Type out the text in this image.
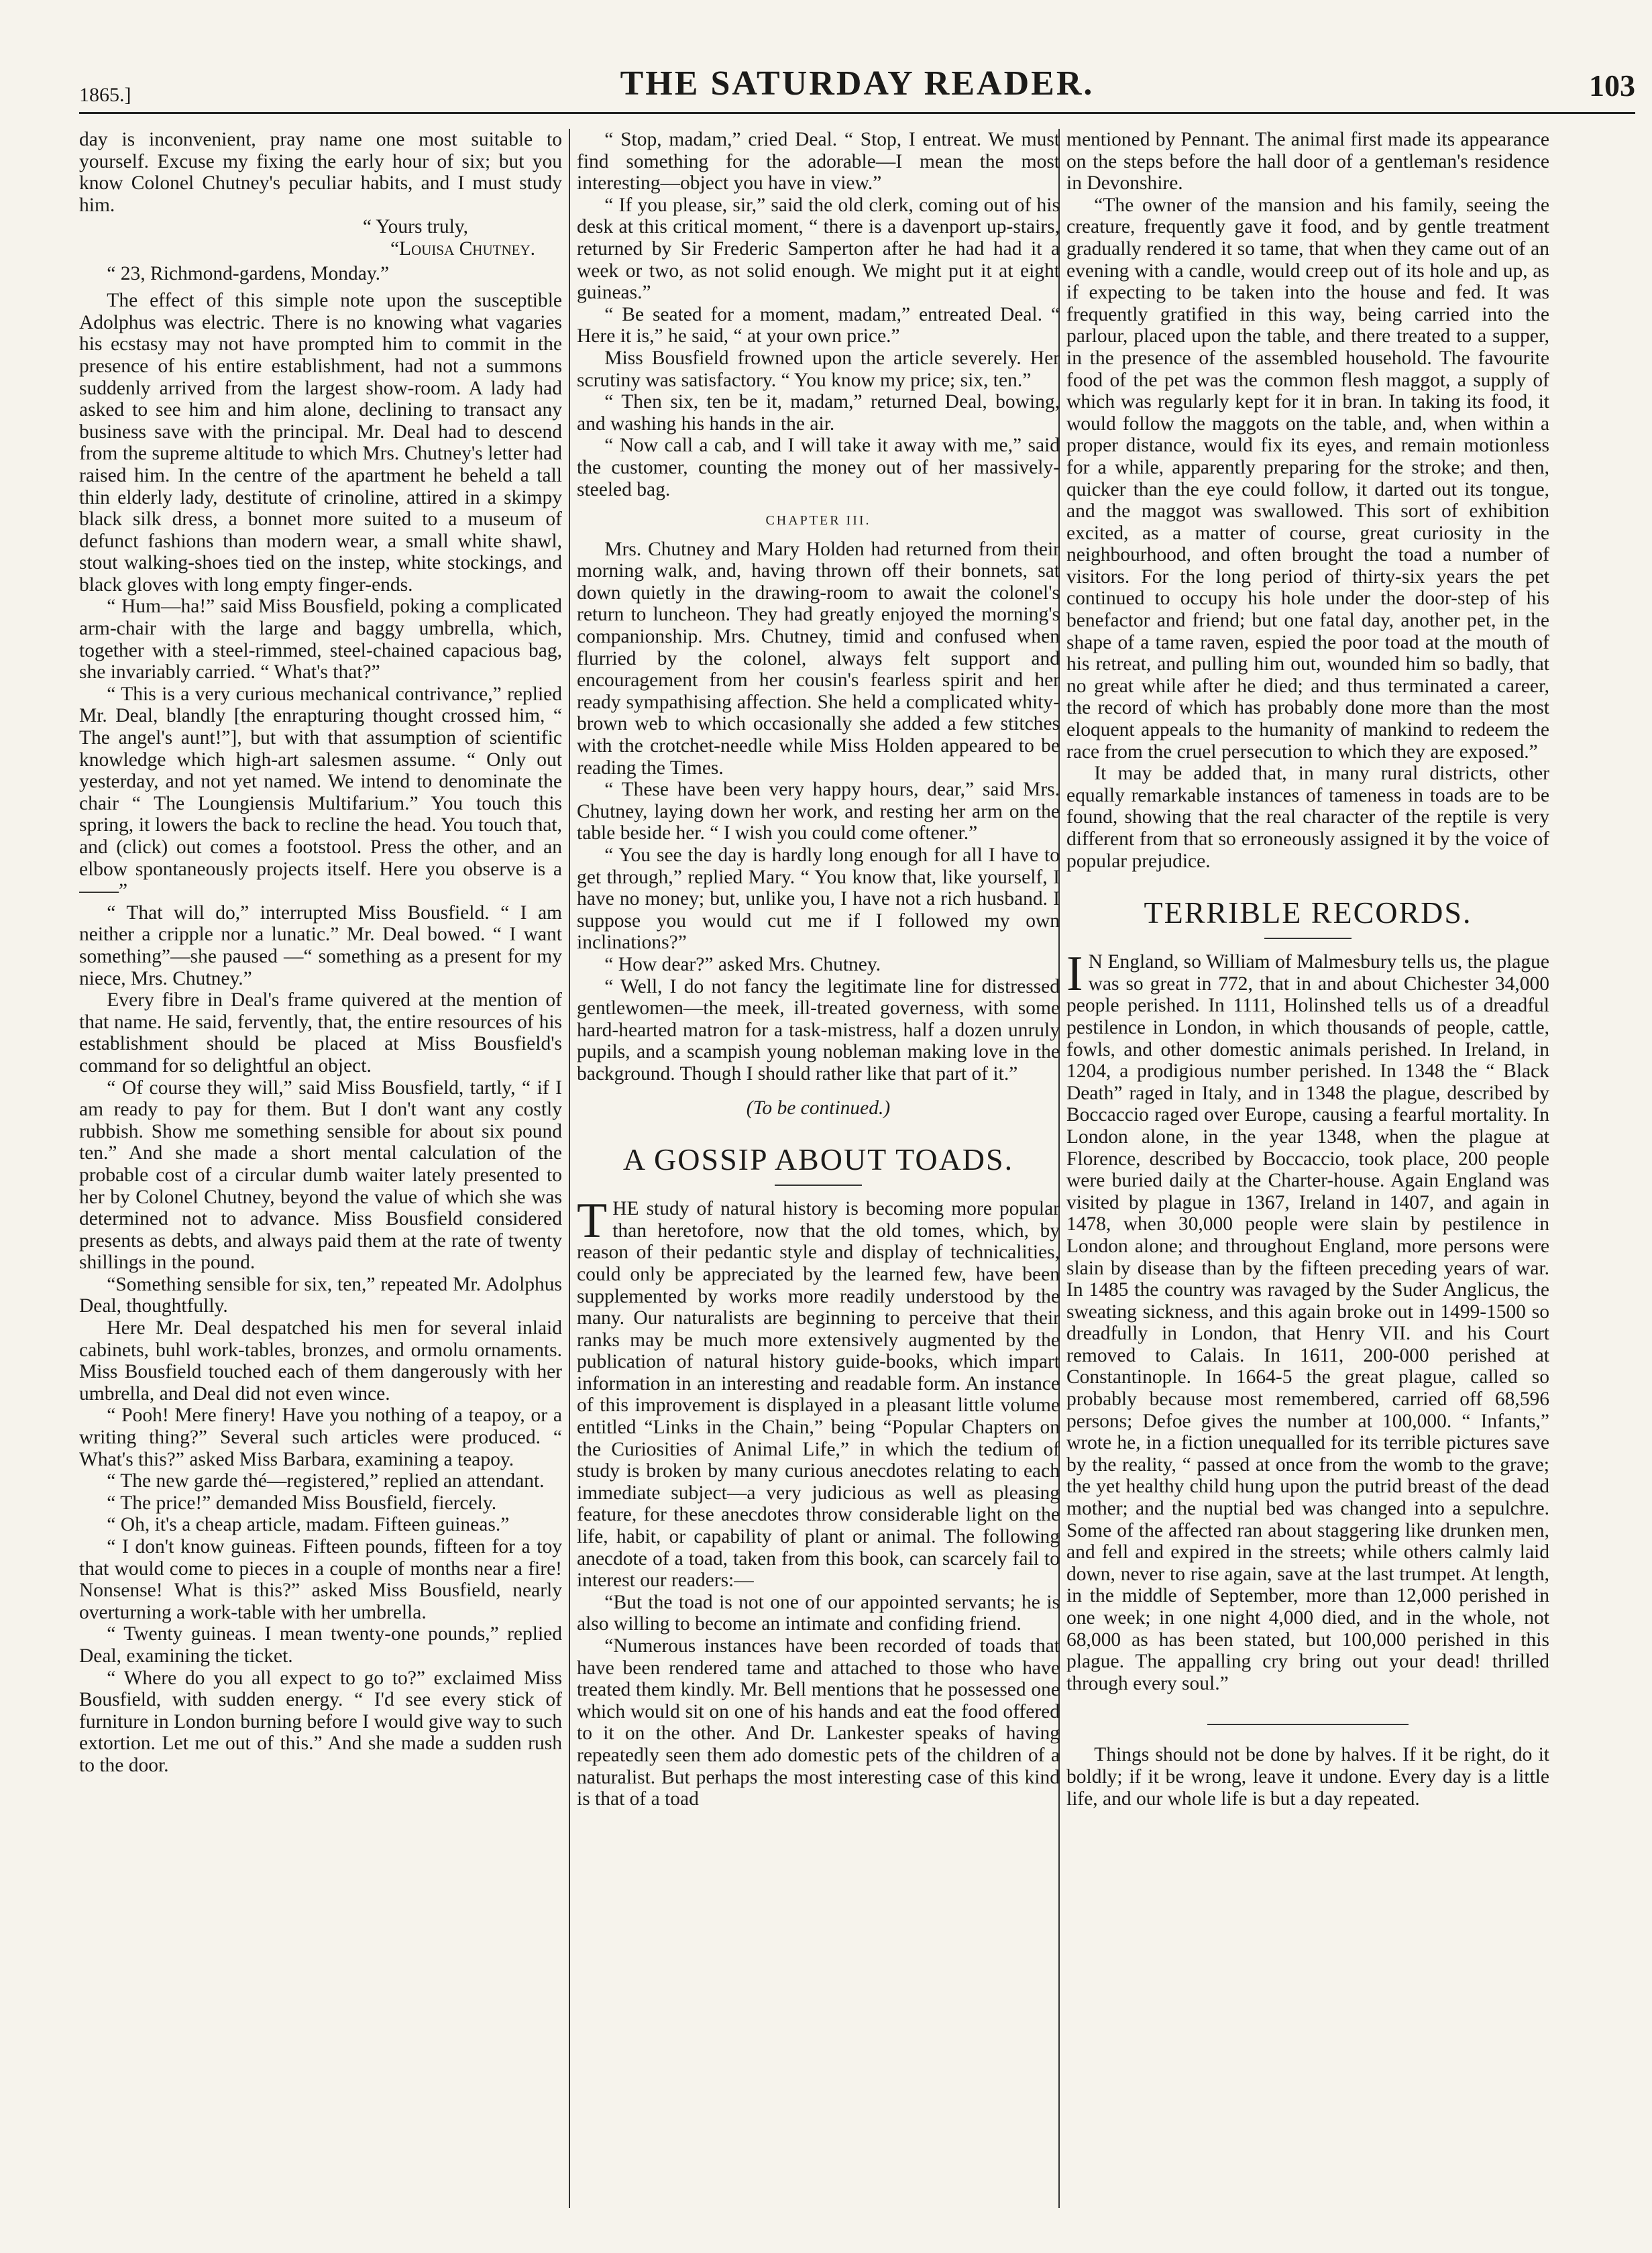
1865.]	THE SATURDAY READER.	103

day is inconvenient, pray name one most suitable to yourself. Excuse my fixing the early hour of six; but you know Colonel Chutney's peculiar habits, and I must study him.

“ Yours truly,

“Louisa Chutney.

“ 23, Richmond-gardens, Monday.”

The effect of this simple note upon the susceptible Adolphus was electric. There is no knowing what vagaries his ecstasy may not have prompted him to commit in the presence of his entire establishment, had not a summons suddenly arrived from the largest show-room. A lady had asked to see him and him alone, declining to transact any business save with the principal. Mr. Deal had to descend from the supreme altitude to which Mrs. Chutney's letter had raised him. In the centre of the apartment he beheld a tall thin elderly lady, destitute of crinoline, attired in a skimpy black silk dress, a bonnet more suited to a museum of defunct fashions than modern wear, a small white shawl, stout walking-shoes tied on the instep, white stockings, and black gloves with long empty finger-ends.

“ Hum—ha!” said Miss Bousfield, poking a complicated arm-chair with the large and baggy umbrella, which, together with a steel-rimmed, steel-chained capacious bag, she invariably carried. “ What's that?”

“ This is a very curious mechanical contrivance,” replied Mr. Deal, blandly [the enrapturing thought crossed him, “ The angel's aunt!”], but with that assumption of scientific knowledge which high-art salesmen assume. “ Only out yesterday, and not yet named. We intend to denominate the chair “ The Loungiensis Multifarium.” You touch this spring, it lowers the back to recline the head. You touch that, and (click) out comes a footstool. Press the other, and an elbow spontaneously projects itself. Here you observe is a——”

“ That will do,” interrupted Miss Bousfield. “ I am neither a cripple nor a lunatic.” Mr. Deal bowed. “ I want something”—she paused —“ something as a present for my niece, Mrs. Chutney.”

Every fibre in Deal's frame quivered at the mention of that name. He said, fervently, that, the entire resources of his establishment should be placed at Miss Bousfield's command for so delightful an object.

“ Of course they will,” said Miss Bousfield, tartly, “ if I am ready to pay for them. But I don't want any costly rubbish. Show me something sensible for about six pound ten.” And she made a short mental calculation of the probable cost of a circular dumb waiter lately presented to her by Colonel Chutney, beyond the value of which she was determined not to advance. Miss Bousfield considered presents as debts, and always paid them at the rate of twenty shillings in the pound.

“Something sensible for six, ten,” repeated Mr. Adolphus Deal, thoughtfully.

Here Mr. Deal despatched his men for several inlaid cabinets, buhl work-tables, bronzes, and ormolu ornaments. Miss Bousfield touched each of them dangerously with her umbrella, and Deal did not even wince.

“ Pooh! Mere finery! Have you nothing of a teapoy, or a writing thing?” Several such articles were produced. “ What's this?” asked Miss Barbara, examining a teapoy.

“ The new garde thé—registered,” replied an attendant.

“ The price!” demanded Miss Bousfield, fiercely.

“ Oh, it's a cheap article, madam. Fifteen guineas.”

“ I don't know guineas. Fifteen pounds, fifteen for a toy that would come to pieces in a couple of months near a fire! Nonsense! What is this?” asked Miss Bousfield, nearly overturning a work-table with her umbrella.

“ Twenty guineas. I mean twenty-one pounds,” replied Deal, examining the ticket.

“ Where do you all expect to go to?” exclaimed Miss Bousfield, with sudden energy. “ I'd see every stick of furniture in London burning before I would give way to such extortion. Let me out of this.” And she made a sudden rush to the door.

“ Stop, madam,” cried Deal. “ Stop, I entreat. We must find something for the adorable—I mean the most interesting—object you have in view.”

“ If you please, sir,” said the old clerk, coming out of his desk at this critical moment, “ there is a davenport up-stairs, returned by Sir Frederic Samperton after he had had it a week or two, as not solid enough. We might put it at eight guineas.”

“ Be seated for a moment, madam,” entreated Deal. “ Here it is,” he said, “ at your own price.”

Miss Bousfield frowned upon the article severely. Her scrutiny was satisfactory. “ You know my price; six, ten.”

“ Then six, ten be it, madam,” returned Deal, bowing, and washing his hands in the air.

“ Now call a cab, and I will take it away with me,” said the customer, counting the money out of her massively-steeled bag.

CHAPTER III.

Mrs. Chutney and Mary Holden had returned from their morning walk, and, having thrown off their bonnets, sat down quietly in the drawing-room to await the colonel's return to luncheon. They had greatly enjoyed the morning's companionship. Mrs. Chutney, timid and confused when flurried by the colonel, always felt support and encouragement from her cousin's fearless spirit and her ready sympathising affection. She held a complicated whity-brown web to which occasionally she added a few stitches with the crotchet-needle while Miss Holden appeared to be reading the Times.

“ These have been very happy hours, dear,” said Mrs. Chutney, laying down her work, and resting her arm on the table beside her. “ I wish you could come oftener.”

“ You see the day is hardly long enough for all I have to get through,” replied Mary. “ You know that, like yourself, I have no money; but, unlike you, I have not a rich husband. I suppose you would cut me if I followed my own inclinations?”

“ How dear?” asked Mrs. Chutney.

“ Well, I do not fancy the legitimate line for distressed gentlewomen—the meek, ill-treated governess, with some hard-hearted matron for a task-mistress, half a dozen unruly pupils, and a scampish young nobleman making love in the background. Though I should rather like that part of it.”

(To be continued.)
A GOSSIP ABOUT TOADS.

THE study of natural history is becoming more popular than heretofore, now that the old tomes, which, by reason of their pedantic style and display of technicalities, could only be appreciated by the learned few, have been supplemented by works more readily understood by the many. Our naturalists are beginning to perceive that their ranks may be much more extensively augmented by the publication of natural history guide-books, which impart information in an interesting and readable form. An instance of this improvement is displayed in a pleasant little volume entitled “Links in the Chain,” being “Popular Chapters on the Curiosities of Animal Life,” in which the tedium of study is broken by many curious anecdotes relating to each immediate subject—a very judicious as well as pleasing feature, for these anecdotes throw considerable light on the life, habit, or capability of plant or animal. The following anecdote of a toad, taken from this book, can scarcely fail to interest our readers:—

“But the toad is not one of our appointed servants; he is also willing to become an intimate and confiding friend.

“Numerous instances have been recorded of toads that have been rendered tame and attached to those who have treated them kindly. Mr. Bell mentions that he possessed one which would sit on one of his hands and eat the food offered to it on the other. And Dr. Lankester speaks of having repeatedly seen them ado domestic pets of the children of a naturalist. But perhaps the most interesting case of this kind is that of a toad

mentioned by Pennant. The animal first made its appearance on the steps before the hall door of a gentleman's residence in Devonshire.

“The owner of the mansion and his family, seeing the creature, frequently gave it food, and by gentle treatment gradually rendered it so tame, that when they came out of an evening with a candle, would creep out of its hole and up, as if expecting to be taken into the house and fed. It was frequently gratified in this way, being carried into the parlour, placed upon the table, and there treated to a supper, in the presence of the assembled household. The favourite food of the pet was the common flesh maggot, a supply of which was regularly kept for it in bran. In taking its food, it would follow the maggots on the table, and, when within a proper distance, would fix its eyes, and remain motionless for a while, apparently preparing for the stroke; and then, quicker than the eye could follow, it darted out its tongue, and the maggot was swallowed. This sort of exhibition excited, as a matter of course, great curiosity in the neighbourhood, and often brought the toad a number of visitors. For the long period of thirty-six years the pet continued to occupy his hole under the door-step of his benefactor and friend; but one fatal day, another pet, in the shape of a tame raven, espied the poor toad at the mouth of his retreat, and pulling him out, wounded him so badly, that no great while after he died; and thus terminated a career, the record of which has probably done more than the most eloquent appeals to the humanity of mankind to redeem the race from the cruel persecution to which they are exposed.”

It may be added that, in many rural districts, other equally remarkable instances of tameness in toads are to be found, showing that the real character of the reptile is very different from that so erroneously assigned it by the voice of popular prejudice.

TERRIBLE RECORDS.

I N England, so William of Malmesbury tells us, the plague was so great in 772, that in and about Chichester 34,000 people perished. In 1111, Holinshed tells us of a dreadful pestilence in London, in which thousands of people, cattle, fowls, and other domestic animals perished. In Ireland, in 1204, a prodigious number perished. In 1348 the “ Black Death” raged in Italy, and in 1348 the plague, described by Boccaccio raged over Europe, causing a fearful mortality. In London alone, in the year 1348, when the plague at Florence, described by Boccaccio, took place, 200 people were buried daily at the Charter-house. Again England was visited by plague in 1367, Ireland in 1407, and again in 1478, when 30,000 people were slain by pestilence in London alone; and throughout England, more persons were slain by disease than by the fifteen preceding years of war. In 1485 the country was ravaged by the Suder Anglicus, the sweating sickness, and this again broke out in 1499-1500 so dreadfully in London, that Henry VII. and his Court removed to Calais. In 1611, 200-000 perished at Constantinople. In 1664-5 the great plague, called so probably because most remembered, carried off 68,596 persons; Defoe gives the number at 100,000. “ Infants,” wrote he, in a fiction unequalled for its terrible pictures save by the reality, “ passed at once from the womb to the grave; the yet healthy child hung upon the putrid breast of the dead mother; and the nuptial bed was changed into a sepulchre. Some of the affected ran about staggering like drunken men, and fell and expired in the streets; while others calmly laid down, never to rise again, save at the last trumpet. At length, in the middle of September, more than 12,000 perished in one week; in one night 4,000 died, and in the whole, not 68,000 as has been stated, but 100,000 perished in this plague. The appalling cry bring out your dead! thrilled through every soul.”

Things should not be done by halves. If it be right, do it boldly; if it be wrong, leave it undone. Every day is a little life, and our whole life is but a day repeated.
